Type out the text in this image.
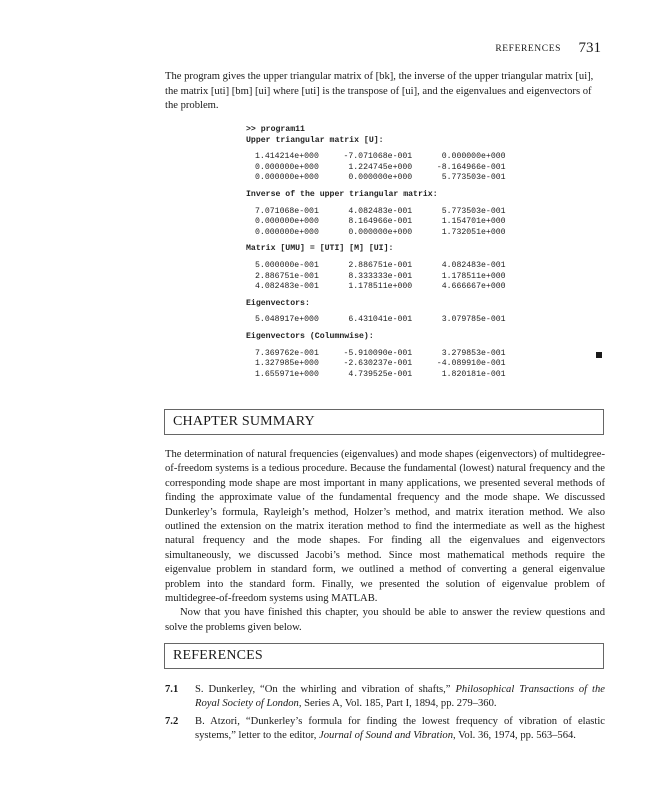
REFERENCES 731

The program gives the upper triangular matrix of [bk], the inverse of the upper triangular matrix [ui], the matrix [uti] [bm] [ui] where [uti] is the transpose of [ui], and the eigenvalues and eigenvectors of the problem.

>> program11
Upper triangular matrix [U]:
1.414214e+000     -7.071068e-001      0.000000e+000
0.000000e+000      1.224745e+000     -8.164966e-001
0.000000e+000      0.000000e+000      5.773503e-001
Inverse of the upper triangular matrix:
7.071068e-001      4.082483e-001      5.773503e-001
0.000000e+000      8.164966e-001      1.154701e+000
0.000000e+000      0.000000e+000      1.732051e+000
Matrix [UMU] = [UTI] [M] [UI]:
5.000000e-001      2.886751e-001      4.082483e-001
2.886751e-001      8.333333e-001      1.178511e+000
4.082483e-001      1.178511e+000      4.666667e+000
Eigenvectors:
5.048917e+000      6.431041e-001      3.079785e-001
Eigenvectors (Columnwise):
7.369762e-001     -5.910090e-001      3.279853e-001
1.327985e+000     -2.630237e-001     -4.089910e-001
1.655971e+000      4.739525e-001      1.820181e-001
CHAPTER SUMMARY

The determination of natural frequencies (eigenvalues) and mode shapes (eigenvectors) of multidegree-of-freedom systems is a tedious procedure. Because the fundamental (lowest) natural frequency and the corresponding mode shape are most important in many applications, we presented several methods of finding the approximate value of the fundamental frequency and the mode shape. We discussed Dunkerley’s formula, Rayleigh’s method, Holzer’s method, and matrix iteration method. We also outlined the extension on the matrix iteration method to find the intermediate as well as the highest natural frequency and the mode shapes. For finding all the eigenvalues and eigenvectors simultaneously, we discussed Jacobi’s method. Since most mathematical methods require the eigenvalue problem in standard form, we outlined a method of converting a general eigenvalue problem into the standard form. Finally, we presented the solution of eigenvalue problem of multidegree-of-freedom systems using MATLAB.

Now that you have finished this chapter, you should be able to answer the review questions and solve the problems given below.

REFERENCES
7.1 S. Dunkerley, “On the whirling and vibration of shafts,” Philosophical Transactions of the Royal Society of London, Series A, Vol. 185, Part I, 1894, pp. 279–360.
7.2 B. Atzori, “Dunkerley’s formula for finding the lowest frequency of vibration of elastic systems,” letter to the editor, Journal of Sound and Vibration, Vol. 36, 1974, pp. 563–564.
